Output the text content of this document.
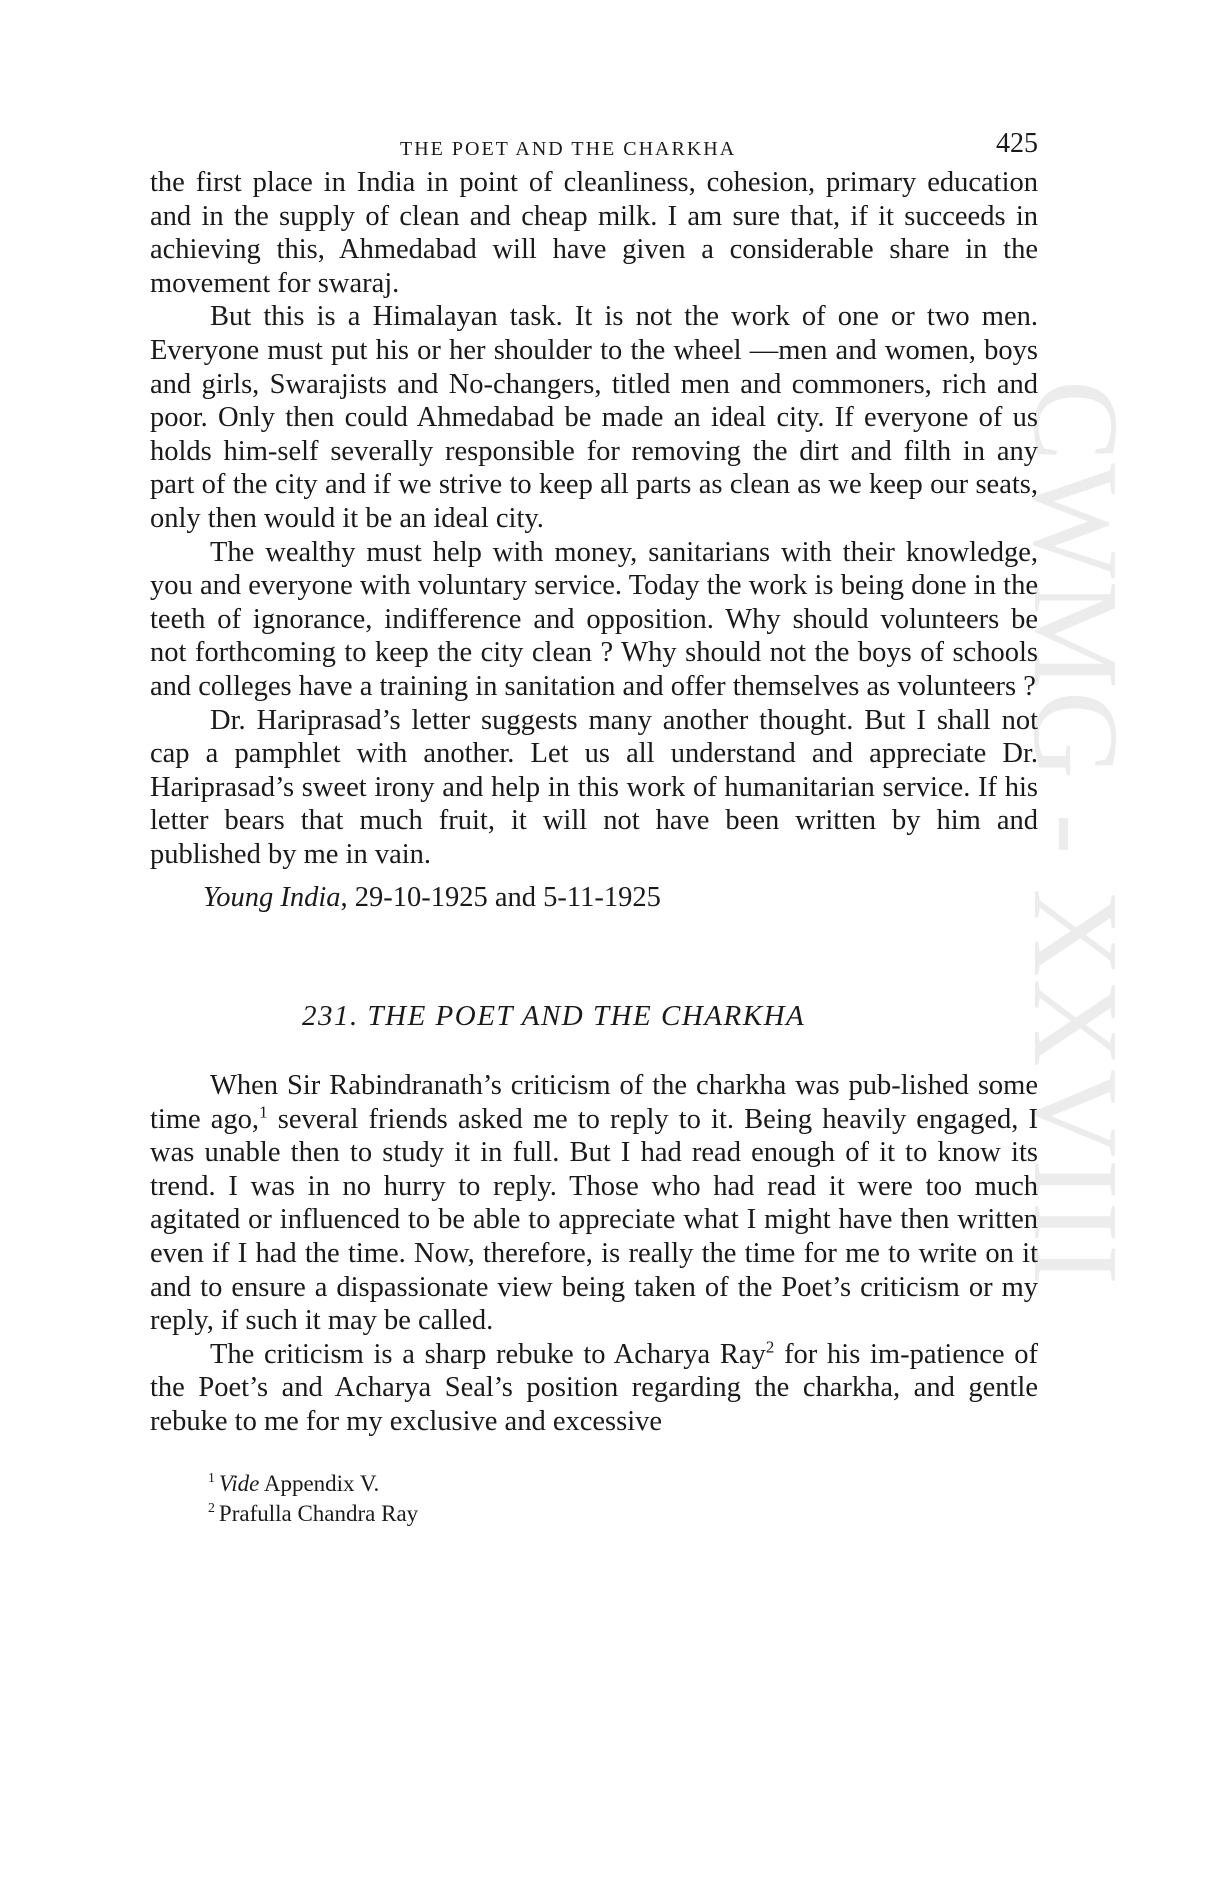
CWMG - XXVIII
THE POET AND THE CHARKHA	425

the first place in India in point of cleanliness, cohesion, primary education and in the supply of clean and cheap milk. I am sure that, if it succeeds in achieving this, Ahmedabad will have given a considerable share in the movement for swaraj.

But this is a Himalayan task. It is not the work of one or two men. Everyone must put his or her shoulder to the wheel —men and women, boys and girls, Swarajists and No-changers, titled men and commoners, rich and poor. Only then could Ahmedabad be made an ideal city. If everyone of us holds him-self severally responsible for removing the dirt and filth in any part of the city and if we strive to keep all parts as clean as we keep our seats, only then would it be an ideal city.

The wealthy must help with money, sanitarians with their knowledge, you and everyone with voluntary service. Today the work is being done in the teeth of ignorance, indifference and opposition. Why should volunteers be not forthcoming to keep the city clean ? Why should not the boys of schools and colleges have a training in sanitation and offer themselves as volunteers ?

Dr. Hariprasad’s letter suggests many another thought. But I shall not cap a pamphlet with another. Let us all understand and appreciate Dr. Hariprasad’s sweet irony and help in this work of humanitarian service. If his letter bears that much fruit, it will not have been written by him and published by me in vain.

Young India, 29-10-1925 and 5-11-1925

231. THE POET AND THE CHARKHA

When Sir Rabindranath’s criticism of the charkha was pub-lished some time ago,$^1$ several friends asked me to reply to it. Being heavily engaged, I was unable then to study it in full. But I had read enough of it to know its trend. I was in no hurry to reply. Those who had read it were too much agitated or influenced to be able to appreciate what I might have then written even if I had the time. Now, therefore, is really the time for me to write on it and to ensure a dispassionate view being taken of the Poet’s criticism or my reply, if such it may be called.

The criticism is a sharp rebuke to Acharya Ray$^2$ for his im-patience of the Poet’s and Acharya Seal’s position regarding the charkha, and gentle rebuke to me for my exclusive and excessive

$^1$ Vide Appendix V.
$^2$ Prafulla Chandra Ray
